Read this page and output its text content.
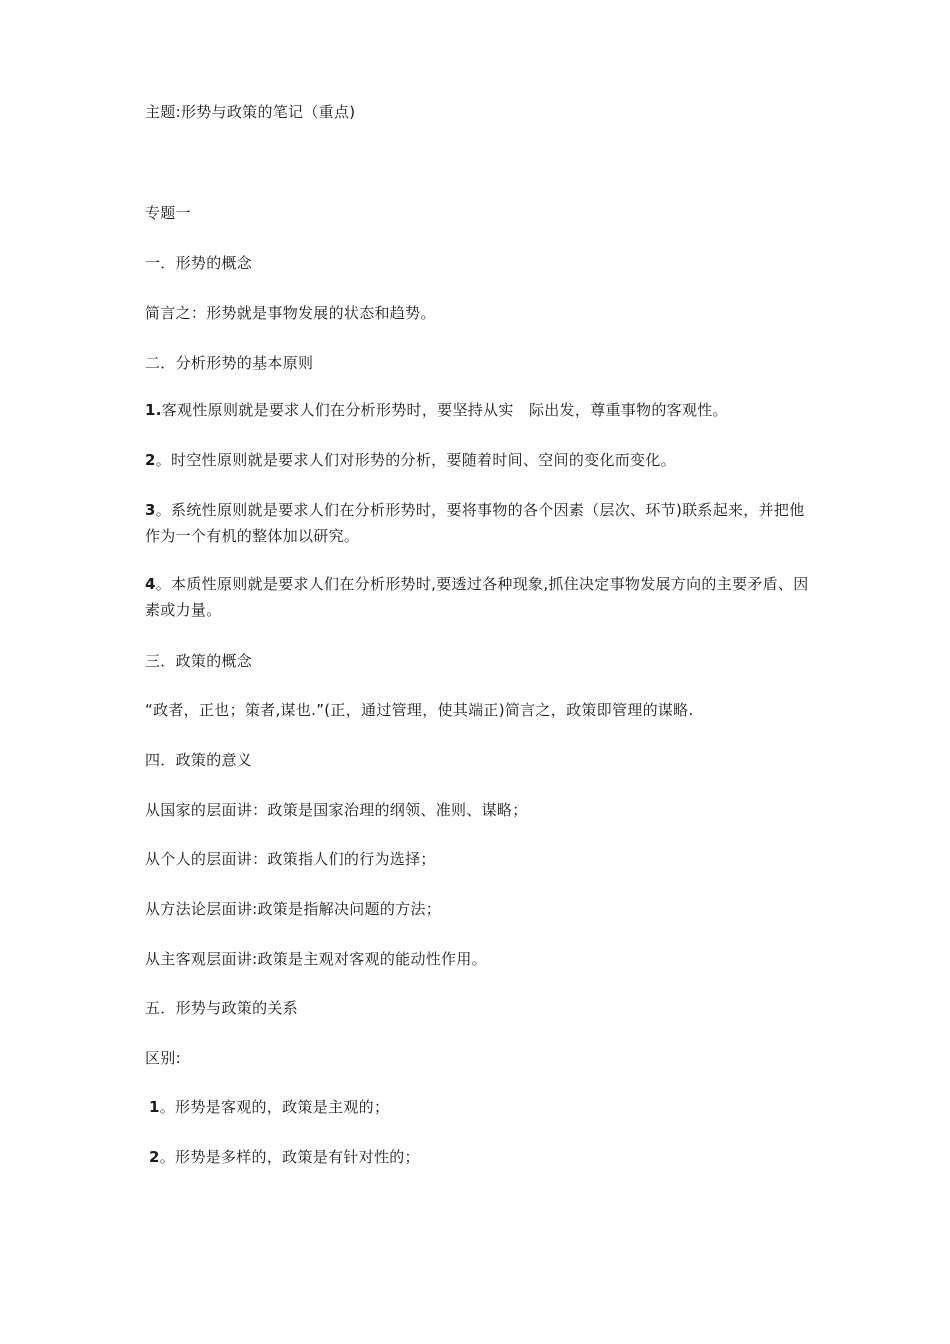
主题:形势与政策的笔记（重点)
专题一
一．形势的概念
简言之：形势就是事物发展的状态和趋势。
二．分析形势的基本原则
1.客观性原则就是要求人们在分析形势时，要坚持从实　际出发，尊重事物的客观性。
2。时空性原则就是要求人们对形势的分析，要随着时间、空间的变化而变化。
3。系统性原则就是要求人们在分析形势时，要将事物的各个因素（层次、环节)联系起来，并把他作为一个有机的整体加以研究。
4。本质性原则就是要求人们在分析形势时,要透过各种现象,抓住决定事物发展方向的主要矛盾、因素或力量。
三．政策的概念
“政者，正也；策者,谋也.”(正，通过管理，使其端正)简言之，政策即管理的谋略.
四．政策的意义
从国家的层面讲：政策是国家治理的纲领、准则、谋略；
从个人的层面讲：政策指人们的行为选择；
从方法论层面讲:政策是指解决问题的方法；
从主客观层面讲:政策是主观对客观的能动性作用。
五．形势与政策的关系
区别:
1。形势是客观的，政策是主观的；
2。形势是多样的，政策是有针对性的；
